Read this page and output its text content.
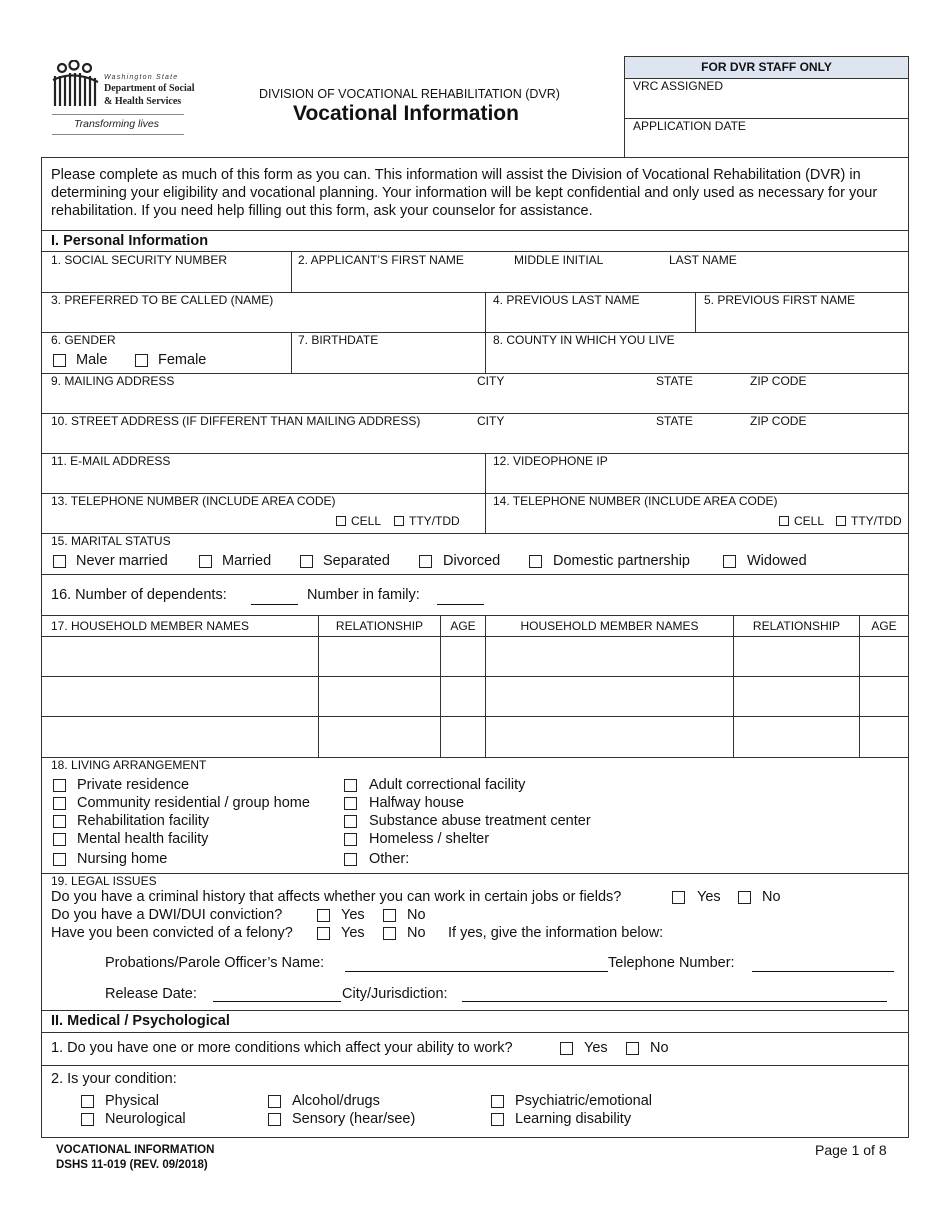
Washington State
Department of Social
& Health Services
Transforming lives
DIVISION OF VOCATIONAL REHABILITATION (DVR)
Vocational Information
FOR DVR STAFF ONLY
VRC ASSIGNED
APPLICATION DATE
Please complete as much of this form as you can. This information will assist the Division of Vocational Rehabilitation (DVR) in determining your eligibility and vocational planning. Your information will be kept confidential and only used as necessary for your rehabilitation. If you need help filling out this form, ask your counselor for assistance.
I. Personal Information
1. SOCIAL SECURITY NUMBER	2. APPLICANT’S FIRST NAME	MIDDLE INITIAL	LAST NAME
3. PREFERRED TO BE CALLED (NAME)	4. PREVIOUS LAST NAME	5. PREVIOUS FIRST NAME
6. GENDER
Male	Female
7. BIRTHDATE	8. COUNTY IN WHICH YOU LIVE
9. MAILING ADDRESS	CITY	STATE	ZIP CODE
10. STREET ADDRESS (IF DIFFERENT THAN MAILING ADDRESS)	CITY	STATE	ZIP CODE
11. E-MAIL ADDRESS	12. VIDEOPHONE IP
13. TELEPHONE NUMBER (INCLUDE AREA CODE)
CELL TTY/TDD
14. TELEPHONE NUMBER (INCLUDE AREA CODE)
CELL TTY/TDD
15. MARITAL STATUS
Never married	Married	Separated	Divorced	Domestic partnership	Widowed
16. Number of dependents:	Number in family:
17. HOUSEHOLD MEMBER NAMES	RELATIONSHIP	AGE	HOUSEHOLD MEMBER NAMES	RELATIONSHIP	AGE
18. LIVING ARRANGEMENT
Private residence
Community residential / group home
Rehabilitation facility
Mental health facility
Nursing home
Adult correctional facility
Halfway house
Substance abuse treatment center
Homeless / shelter
Other:
19. LEGAL ISSUES
Do you have a criminal history that affects whether you can work in certain jobs or fields?	Yes	No
Do you have a DWI/DUI conviction?	Yes	No
Have you been convicted of a felony?	Yes	No If yes, give the information below:
Probations/Parole Officer’s Name:	Telephone Number:
Release Date:	City/Jurisdiction:
II. Medical / Psychological
1. Do you have one or more conditions which affect your ability to work?	Yes	No
2. Is your condition:
Physical
Neurological
Alcohol/drugs
Sensory (hear/see)
Psychiatric/emotional
Learning disability
VOCATIONAL INFORMATION
DSHS 11-019 (REV. 09/2018)
Page 1 of 8
